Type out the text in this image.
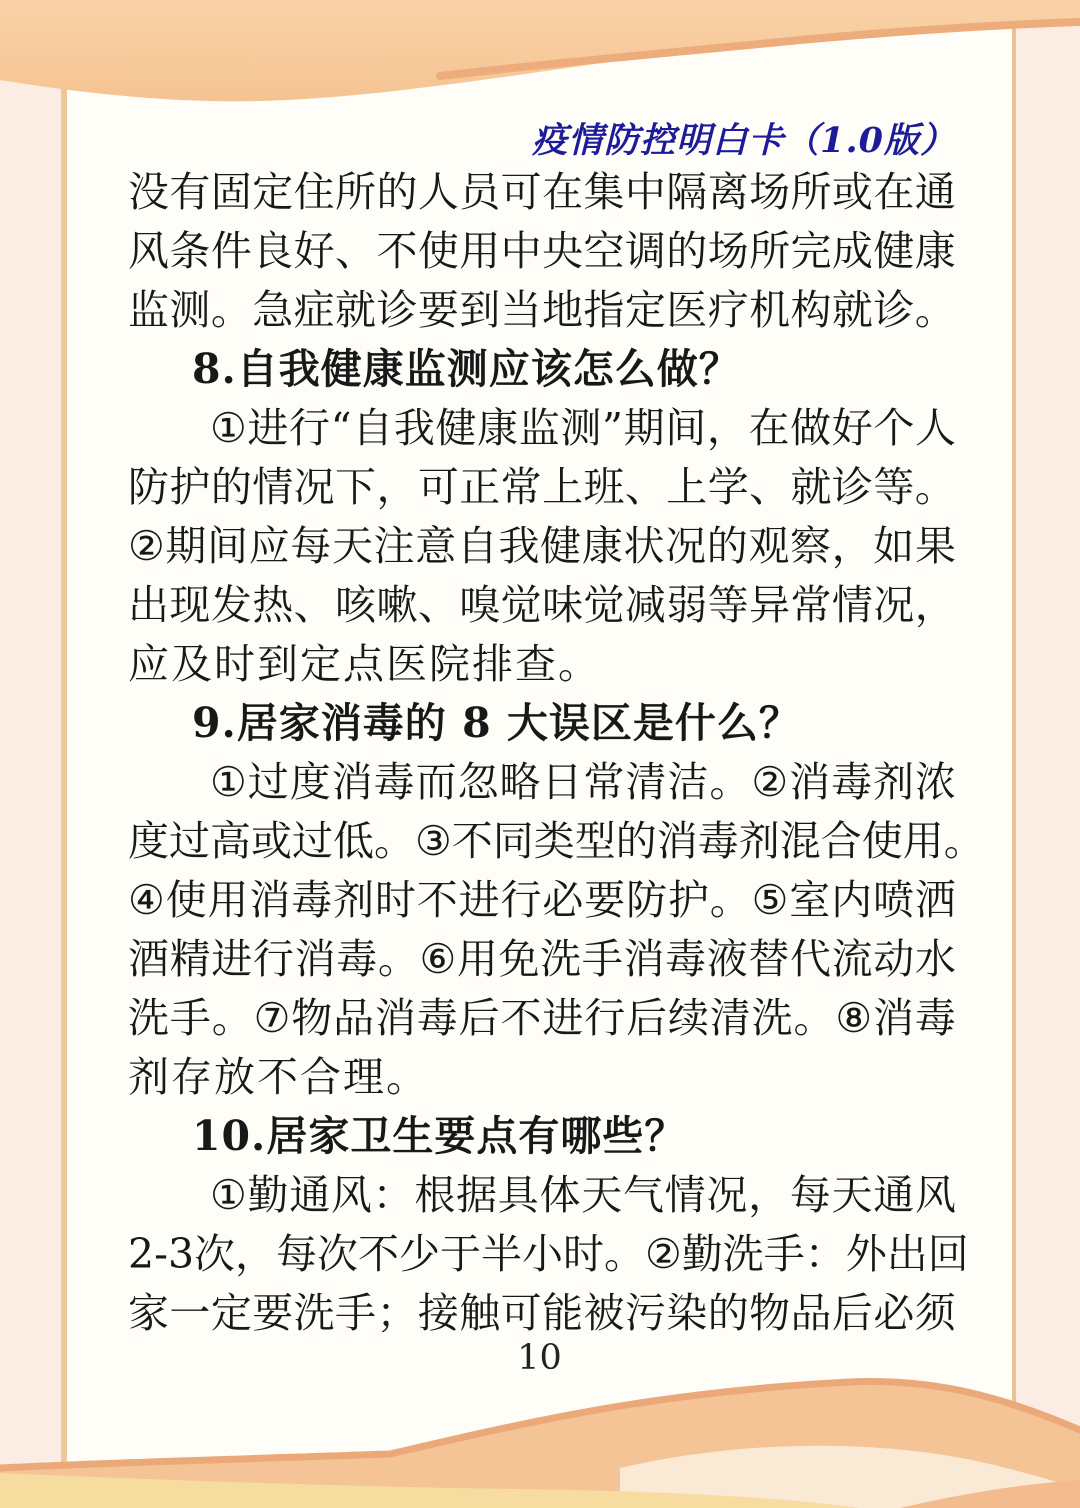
疫情防控明白卡（1.0版）
没 有 固 定 住 所 的 人 员 可 在 集 中 隔 离 场 所 或 在 通
风 条 件 良 好 、 不 使 用 中 央 空 调 的 场 所 完 成 健 康
监 测 。 急 症 就 诊 要 到 当 地 指 定 医 疗 机 构 就 诊 。
8.自我健康监测应该怎么做？
① 进 行 “ 自 我 健 康 监 测 ” 期 间 ， 在 做 好 个 人
防 护 的 情 况 下 ， 可 正 常 上 班 、 上 学 、 就 诊 等 。
② 期 间 应 每 天 注 意 自 我 健 康 状 况 的 观 察 ， 如 果
出 现 发 热 、 咳 嗽 、 嗅 觉 味 觉 减 弱 等 异 常 情 况 ，
应及时到定点医院排查。
9.居家消毒的 8 大误区是什么？
① 过 度 消 毒 而 忽 略 日 常 清 洁 。 ② 消 毒 剂 浓
度 过 高 或 过 低 。 ③ 不 同 类 型 的 消 毒 剂 混 合 使 用 。
④ 使 用 消 毒 剂 时 不 进 行 必 要 防 护 。 ⑤ 室 内 喷 洒
酒 精 进 行 消 毒 。 ⑥ 用 免 洗 手 消 毒 液 替 代 流 动 水
洗 手 。 ⑦ 物 品 消 毒 后 不 进 行 后 续 清 洗 。 ⑧ 消 毒
剂存放不合理。
10.居家卫生要点有哪些？
① 勤 通 风 ： 根 据 具 体 天 气 情 况 ， 每 天 通 风
2-3 次 ， 每 次 不 少 于 半 小 时 。 ② 勤 洗 手 ： 外 出 回
家 一 定 要 洗 手 ； 接 触 可 能 被 污 染 的 物 品 后 必 须
10
